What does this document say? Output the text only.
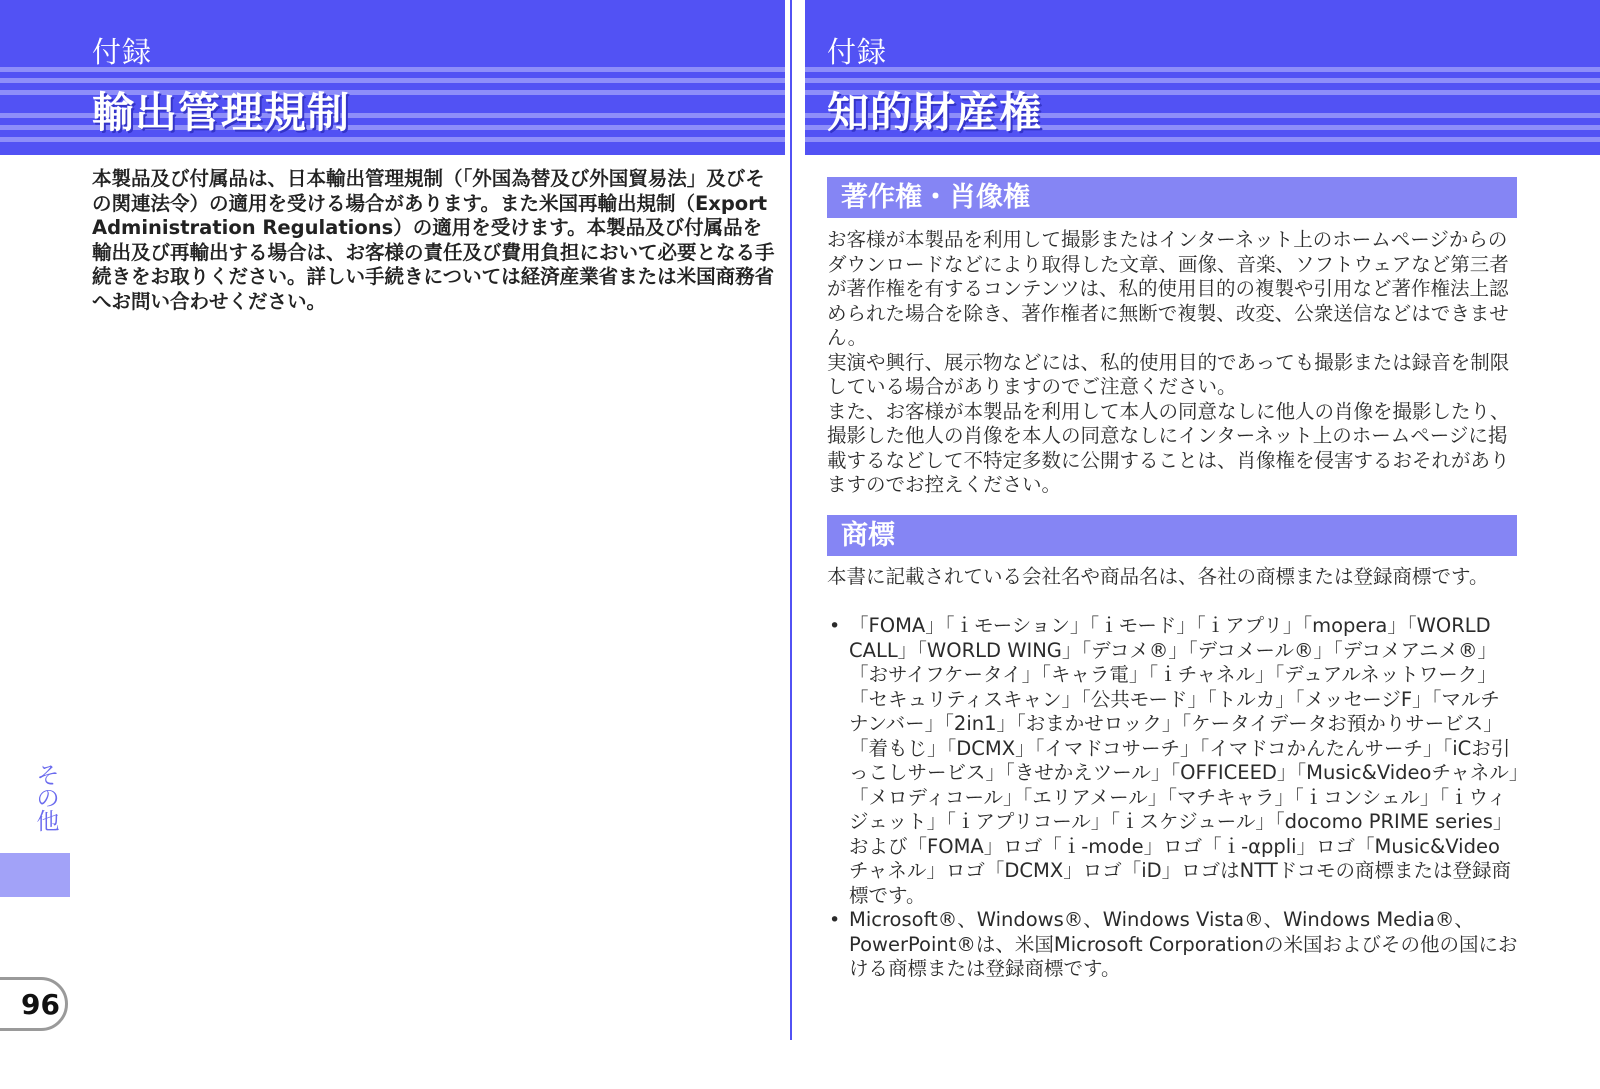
付録
輸出管理規制
本製品及び付属品は、日本輸出管理規制（「外国為替及び外国貿易法」及びその関連法令）の適用を受ける場合があります。また米国再輸出規制（Export Administration Regulations）の適用を受けます。本製品及び付属品を輸出及び再輸出する場合は、お客様の責任及び費用負担において必要となる手続きをお取りください。詳しい手続きについては経済産業省または米国商務省へお問い合わせください。
その他
96
付録
知的財産権
著作権・肖像権

お客様が本製品を利用して撮影またはインターネット上のホームページからのダウンロードなどにより取得した文章、画像、音楽、ソフトウェアなど第三者が著作権を有するコンテンツは、私的使用目的の複製や引用など著作権法上認められた場合を除き、著作権者に無断で複製、改変、公衆送信などはできません。

実演や興行、展示物などには、私的使用目的であっても撮影または録音を制限している場合がありますのでご注意ください。

また、お客様が本製品を利用して本人の同意なしに他人の肖像を撮影したり、撮影した他人の肖像を本人の同意なしにインターネット上のホームページに掲載するなどして不特定多数に公開することは、肖像権を侵害するおそれがありますのでお控えください。

商標
本書に記載されている会社名や商品名は、各社の商標または登録商標です。
• 「FOMA」「ｉモーション」「ｉモード」「ｉアプリ」「mopera」「WORLD CALL」「WORLD WING」「デコメ®」「デコメール®」「デコメアニメ®」「おサイフケータイ」「キャラ電」「ｉチャネル」「デュアルネットワーク」「セキュリティスキャン」「公共モード」「トルカ」「メッセージF」「マルチナンバー」「2in1」「おまかせロック」「ケータイデータお預かりサービス」「着もじ」「DCMX」「イマドコサーチ」「イマドコかんたんサーチ」「iCお引っこしサービス」「きせかえツール」「OFFICEED」「Music&Videoチャネル」「メロディコール」「エリアメール」「マチキャラ」「ｉコンシェル」「ｉウィジェット」「ｉアプリコール」「ｉスケジュール」「docomo PRIME series」および「FOMA」ロゴ「ｉ-mode」ロゴ「ｉ-αppli」ロゴ「Music&Videoチャネル」ロゴ「DCMX」ロゴ「iD」ロゴはNTTドコモの商標または登録商標です。
• Microsoft®、Windows®、Windows Vista®、Windows Media®、PowerPoint®は、米国Microsoft Corporationの米国およびその他の国における商標または登録商標です。
